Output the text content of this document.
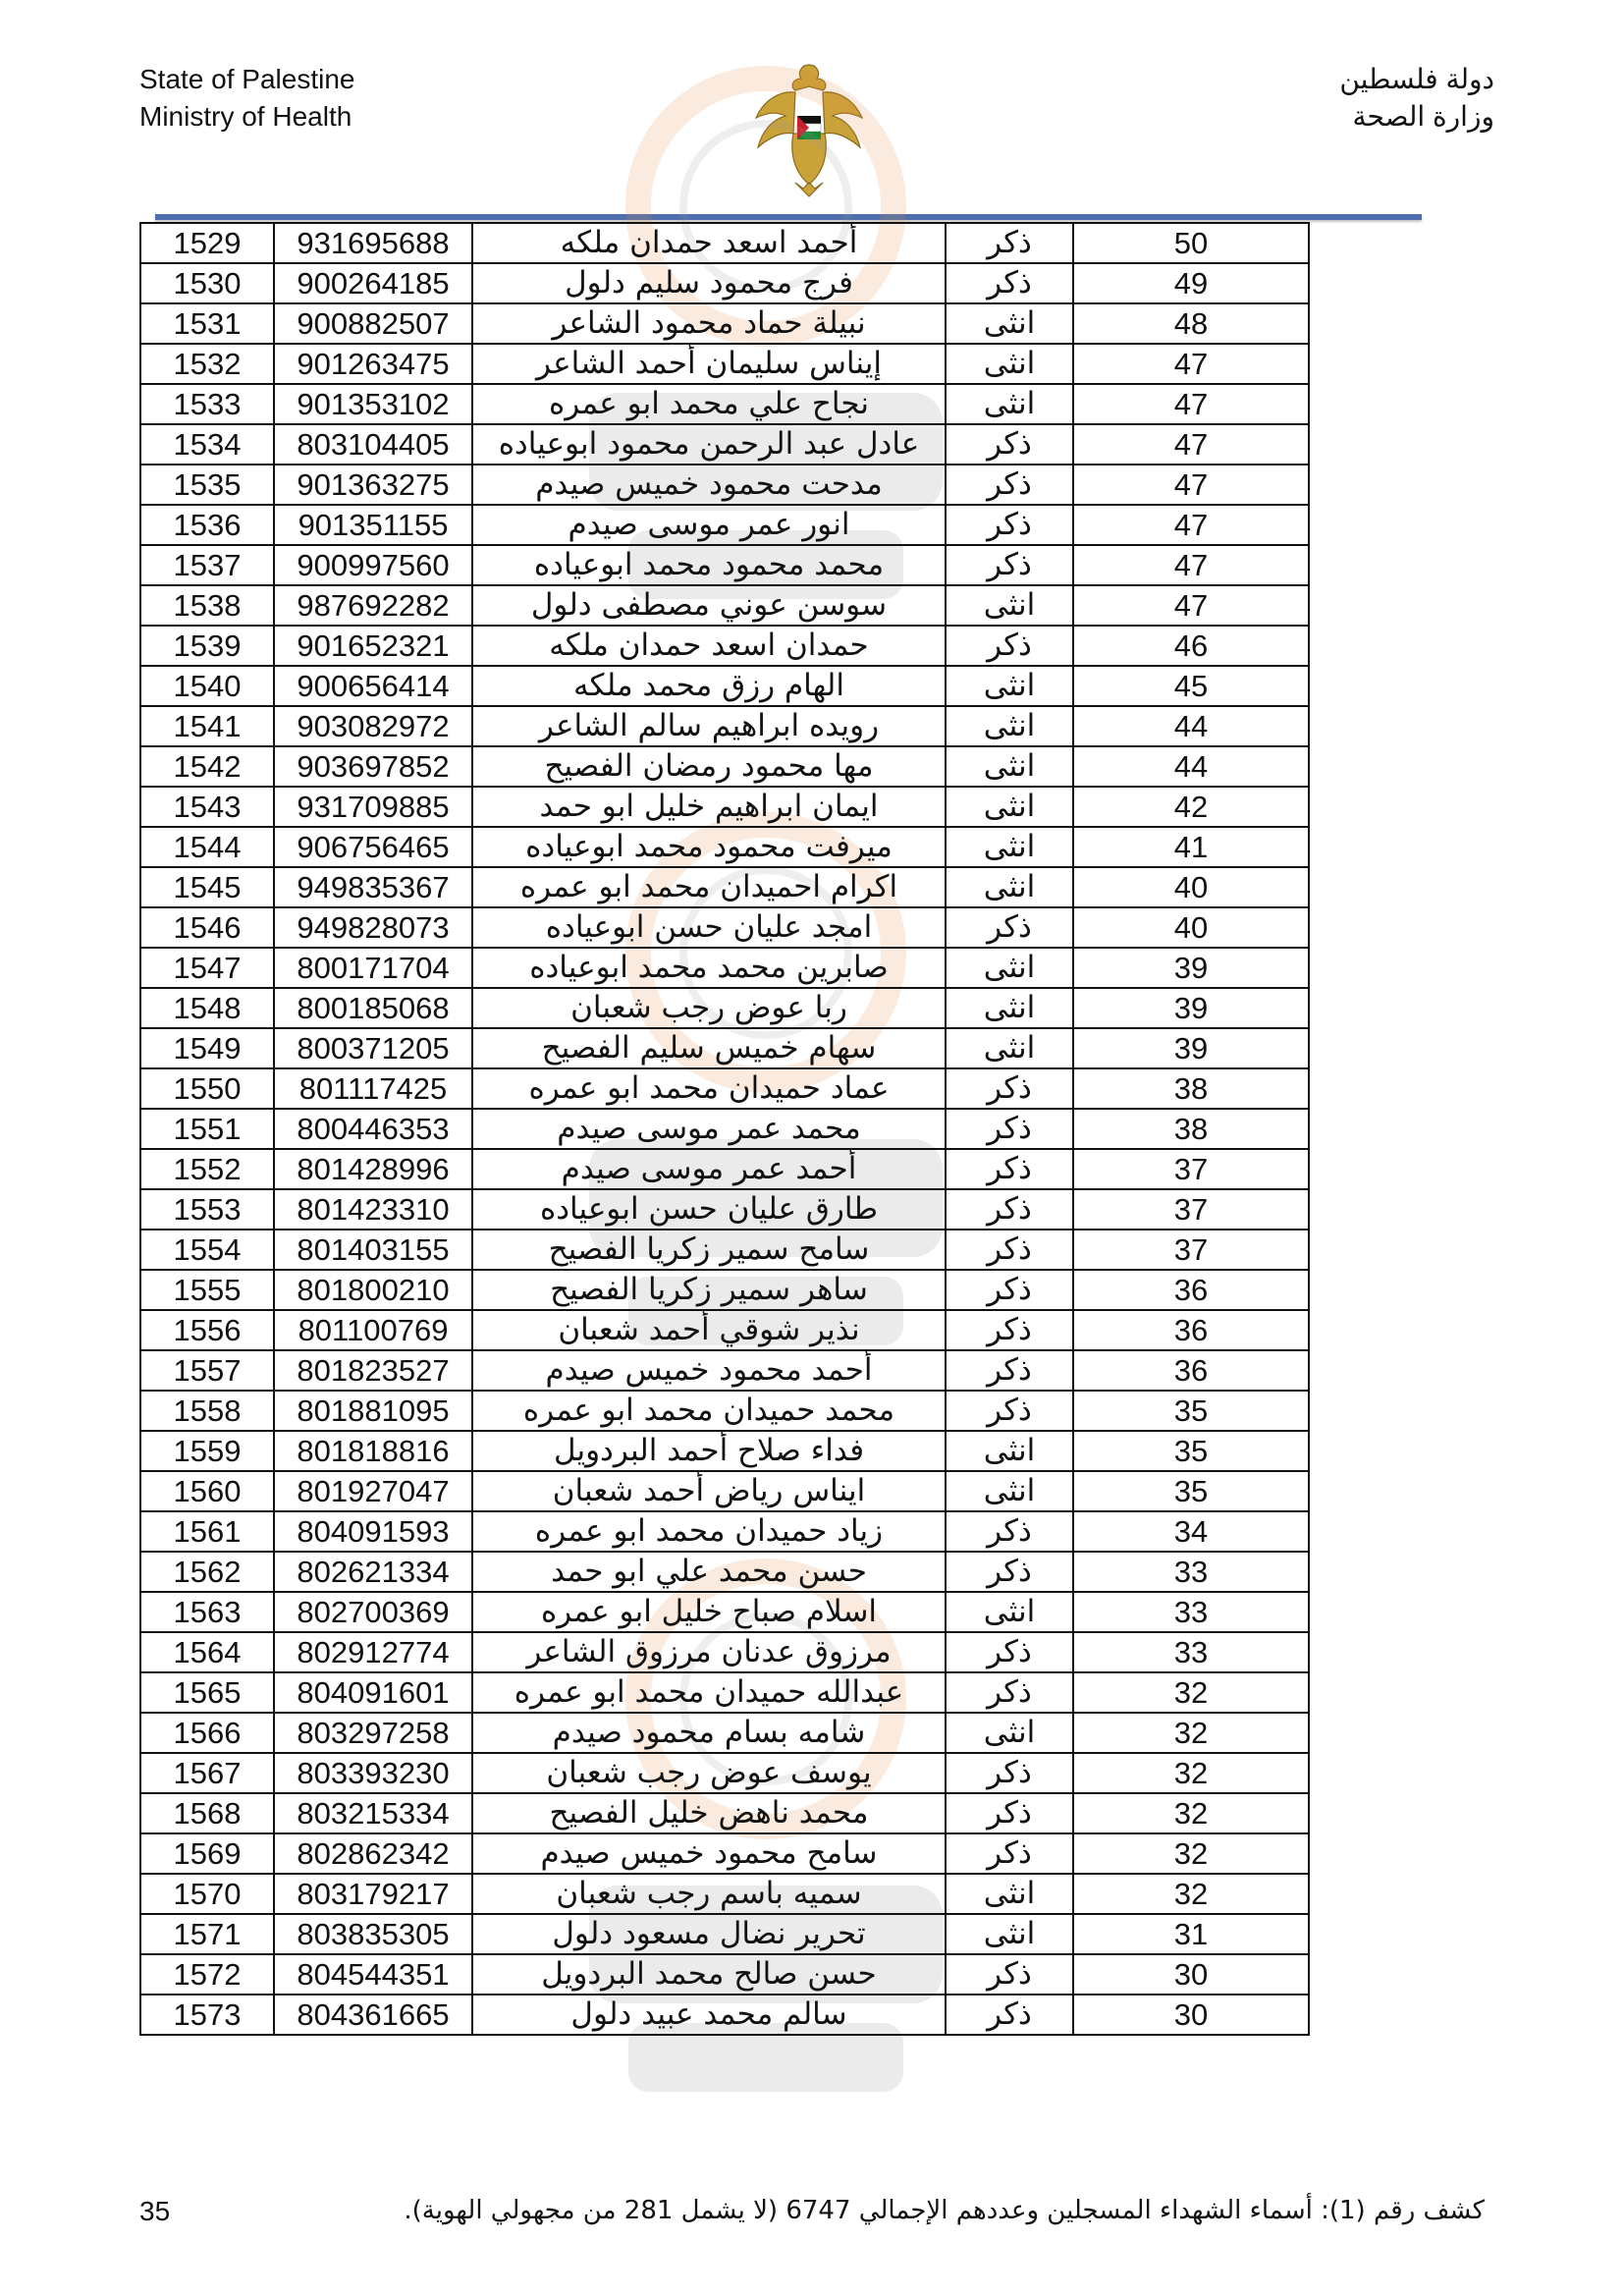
State of Palestine
Ministry of Health
دولة فلسطين
وزارة الصحة
1529	931695688	أحمد اسعد حمدان ملكه	ذكر	50
1530	900264185	فرج محمود سليم دلول	ذكر	49
1531	900882507	نبيلة حماد محمود الشاعر	انثى	48
1532	901263475	إيناس سليمان أحمد الشاعر	انثى	47
1533	901353102	نجاح علي محمد ابو عمره	انثى	47
1534	803104405	عادل عبد الرحمن محمود ابوعياده	ذكر	47
1535	901363275	مدحت محمود خميس صيدم	ذكر	47
1536	901351155	انور عمر موسى صيدم	ذكر	47
1537	900997560	محمد محمود محمد ابوعياده	ذكر	47
1538	987692282	سوسن عوني مصطفى دلول	انثى	47
1539	901652321	حمدان اسعد حمدان ملكه	ذكر	46
1540	900656414	الهام رزق محمد ملكه	انثى	45
1541	903082972	رويده ابراهيم سالم الشاعر	انثى	44
1542	903697852	مها محمود رمضان الفصيح	انثى	44
1543	931709885	ايمان ابراهيم خليل ابو حمد	انثى	42
1544	906756465	ميرفت محمود محمد ابوعياده	انثى	41
1545	949835367	اكرام احميدان محمد ابو عمره	انثى	40
1546	949828073	امجد عليان حسن ابوعياده	ذكر	40
1547	800171704	صابرين محمد محمد ابوعياده	انثى	39
1548	800185068	ربا عوض رجب شعبان	انثى	39
1549	800371205	سهام خميس سليم الفصيح	انثى	39
1550	801117425	عماد حميدان محمد ابو عمره	ذكر	38
1551	800446353	محمد عمر موسى صيدم	ذكر	38
1552	801428996	أحمد عمر موسى صيدم	ذكر	37
1553	801423310	طارق عليان حسن ابوعياده	ذكر	37
1554	801403155	سامح سمير زكريا الفصيح	ذكر	37
1555	801800210	ساهر سمير زكريا الفصيح	ذكر	36
1556	801100769	نذير شوقي أحمد شعبان	ذكر	36
1557	801823527	أحمد محمود خميس صيدم	ذكر	36
1558	801881095	محمد حميدان محمد ابو عمره	ذكر	35
1559	801818816	فداء صلاح أحمد البردويل	انثى	35
1560	801927047	ايناس رياض أحمد شعبان	انثى	35
1561	804091593	زياد حميدان محمد ابو عمره	ذكر	34
1562	802621334	حسن محمد علي ابو حمد	ذكر	33
1563	802700369	اسلام صباح خليل ابو عمره	انثى	33
1564	802912774	مرزوق عدنان مرزوق الشاعر	ذكر	33
1565	804091601	عبدالله حميدان محمد ابو عمره	ذكر	32
1566	803297258	شامه بسام محمود صيدم	انثى	32
1567	803393230	يوسف عوض رجب شعبان	ذكر	32
1568	803215334	محمد ناهض خليل الفصيح	ذكر	32
1569	802862342	سامح محمود خميس صيدم	ذكر	32
1570	803179217	سميه باسم رجب شعبان	انثى	32
1571	803835305	تحرير نضال مسعود دلول	انثى	31
1572	804544351	حسن صالح محمد البردويل	ذكر	30
1573	804361665	سالم محمد عبيد دلول	ذكر	30
35	كشف رقم (1): أسماء الشهداء المسجلين وعددهم الإجمالي 6747 (لا يشمل 281 من مجهولي الهوية).
